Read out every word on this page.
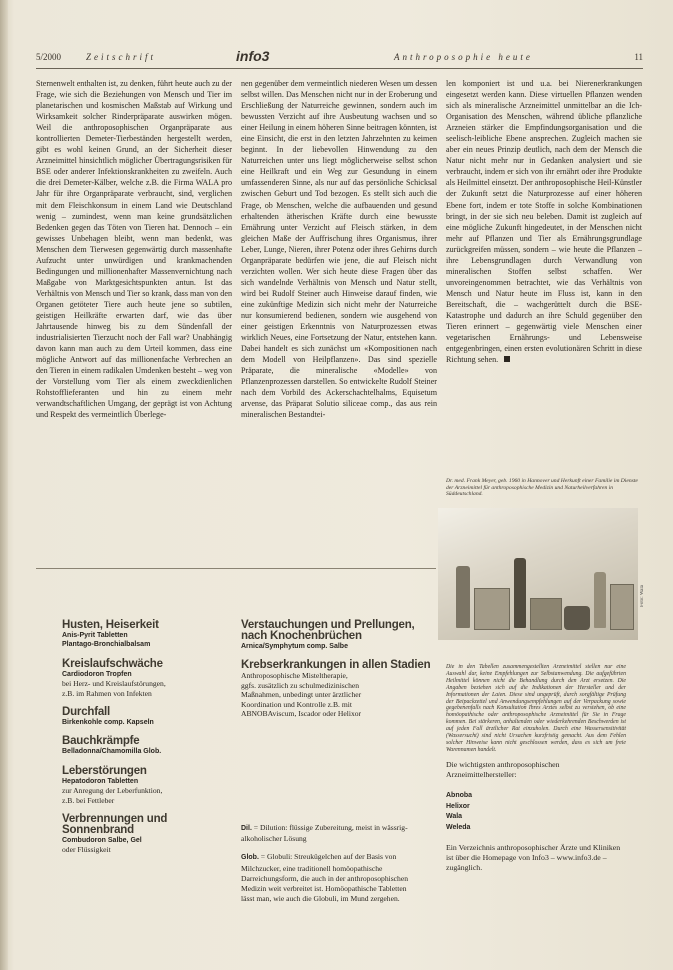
5/2000	Zeitschrift	info3	Anthroposophie heute	11
Sternenwelt enthalten ist, zu denken, führt heute auch zu der Frage, wie sich die Beziehungen von Mensch und Tier im planetarischen und kosmischen Maßstab auf Wirkung und Wirksamkeit solcher Rinderpräparate auswirken mögen. Weil die anthroposophischen Organpräparate aus kontrollierten Demeter-Tierbeständen hergestellt werden, gibt es wohl keinen Grund, an der Sicherheit dieser Arzneimittel hinsichtlich möglicher Übertragungsrisiken für BSE oder anderer Infektionskrankheiten zu zweifeln. Auch die drei Demeter-Kälber, welche z.B. die Firma WALA pro Jahr für ihre Organpräparate verbraucht, sind, verglichen mit dem Fleischkonsum in einem Land wie Deutschland wenig – zumindest, wenn man keine grundsätzlichen Bedenken gegen das Töten von Tieren hat. Dennoch – ein gewisses Unbehagen bleibt, wenn man bedenkt, was Menschen dem Tierwesen gegenwärtig durch massenhafte Aufzucht unter unwürdigen und krankmachenden Bedingungen und millionenhafter Massenvernichtung nach Maßgabe von Marktgesichtspunkten antun. Ist das Verhältnis von Mensch und Tier so krank, dass man von den Organen getöteter Tiere auch heute jene so subtilen, geistigen Heilkräfte erwarten darf, wie das über Jahrtausende hinweg bis zu dem Sündenfall der industrialisierten Tierzucht noch der Fall war? Unabhängig davon kann man auch zu dem Urteil kommen, dass eine mögliche Antwort auf das millionenfache Verbrechen an den Tieren in einem radikalen Umdenken besteht – weg von der Vorstellung vom Tier als einem zweckdienlichen Rohstofflieferanten und hin zu einem mehr verwandtschaftlichen Umgang, der geprägt ist von Achtung und Respekt des vermeintlich Überlege-
nen gegenüber dem vermeintlich niederen Wesen um dessen selbst willen. Das Menschen nicht nur in der Eroberung und Erschließung der Naturreiche gewinnen, sondern auch im bewussten Verzicht auf ihre Ausbeutung wachsen und so einer Heilung in einem höheren Sinne beitragen könnten, ist eine Einsicht, die erst in den letzten Jahrzehnten zu keimen beginnt. In der liebevollen Hinwendung zu den Naturreichen unter uns liegt möglicherweise selbst schon eine Heilkraft und ein Weg zur Gesundung in einem umfassenderen Sinne, als nur auf das persönliche Schicksal zwischen Geburt und Tod bezogen. Es stellt sich auch die Frage, ob Menschen, welche die aufbauenden und gesund erhaltenden ätherischen Kräfte durch eine bewusste Ernährung unter Verzicht auf Fleisch stärken, in dem gleichen Maße der Auffrischung ihres Organismus, ihrer Leber, Lunge, Nieren, ihrer Potenz oder ihres Gehirns durch Organpräparate bedürfen wie jene, die auf Fleisch nicht verzichten wollen. Wer sich heute diese Fragen über das sich wandelnde Verhältnis von Mensch und Natur stellt, wird bei Rudolf Steiner auch Hinweise darauf finden, wie eine zukünftige Medizin sich nicht mehr der Naturreiche nur konsumierend bedienen, sondern wie ausgehend von einer geistigen Erkenntnis von Naturprozessen etwas wirklich Neues, eine Fortsetzung der Natur, entstehen kann. Dabei handelt es sich zunächst um «Kompositionen nach dem Modell von Heilpflanzen». Das sind spezielle Präparate, die mineralische «Modelle» von Pflanzenprozessen darstellen. So entwickelte Rudolf Steiner nach dem Vorbild des Ackerschachtelhalms, Equisetum arvense, das Präparat Solutio siliceae comp., das aus rein mineralischen Bestandtei-
len komponiert ist und u.a. bei Nierenerkrankungen eingesetzt werden kann. Diese virtuellen Pflanzen wenden sich als mineralische Arzneimittel unmittelbar an die Ich-Organisation des Menschen, während übliche pflanzliche Arzneien stärker die Empfindungsorganisation und die seelisch-leibliche Ebene ansprechen. Zugleich machen sie aber ein neues Prinzip deutlich, nach dem der Mensch die Natur nicht mehr nur in Gedanken analysiert und sie verbraucht, indem er sich von ihr ernährt oder ihre Produkte als Heilmittel einsetzt. Der anthroposophische Heil-Künstler der Zukunft setzt die Naturprozesse auf einer höheren Ebene fort, indem er tote Stoffe in solche Kombinationen bringt, in der sie sich neu beleben. Damit ist zugleich auf eine mögliche Zukunft hingedeutet, in der Menschen nicht mehr auf Pflanzen und Tier als Ernährungsgrundlage zurückgreifen müssen, sondern – wie heute die Pflanzen – ihre Lebensgrundlagen durch Verwandlung von mineralischen Stoffen selbst schaffen. Wer unvoreingenommen betrachtet, wie das Verhältnis von Mensch und Natur heute im Fluss ist, kann in den Bereitschaft, die – wachgerüttelt durch die BSE-Katastrophe und dadurch an ihre Schuld gegenüber den Tieren erinnert – gegenwärtig viele Menschen einer vegetarischen Ernährungs- und Lebensweise entgegenbringen, einen ersten evolutionären Schritt in diese Richtung sehen.
Dr. med. Frank Meyer, geb. 1960 in Hannover und Herkunft einer Familie im Dienste der Arzneimittel für anthroposophische Medizin und Naturheilverfahren in Süddeutschland.
Foto: Wala
Husten, Heiserkeit
Anis-Pyrit Tabletten
Plantago-Bronchialbalsam
Kreislaufschwäche
Cardiodoron Tropfen
bei Herz- und Kreislaufstörungen,
z.B. im Rahmen von Infekten
Durchfall
Birkenkohle comp. Kapseln
Bauchkrämpfe
Belladonna/Chamomilla Glob.
Leberstörungen
Hepatodoron Tabletten
zur Anregung der Leberfunktion,
z.B. bei Fettleber
Verbrennungen und Sonnenbrand
Combudoron Salbe, Gel
oder Flüssigkeit
Verstauchungen und Prellungen, nach Knochenbrüchen
Arnica/Symphytum comp. Salbe
Krebserkrankungen in allen Stadien
Anthroposophische Misteltherapie,
ggfs. zusätzlich zu schulmedizinischen
Maßnahmen, unbedingt unter ärztlicher
Koordination und Kontrolle z.B. mit
ABNOBAviscum, Iscador oder Helixor
Dil. = Dilution: flüssige Zubereitung, meist in wässrig-alkoholischer Lösung
Glob. = Globuli: Streukügelchen auf der Basis von Milchzucker, eine traditionell homöopathische Darreichungsform, die auch in der anthroposophischen Medizin weit verbreitet ist. Homöopathische Tabletten lässt man, wie auch die Globuli, im Mund zergehen.
Die in den Tabellen zusammengestellten Arzneimittel stellen nur eine Auswahl dar, keine Empfehlungen zur Selbstanwendung. Die aufgeführten Heilmittel können nicht die Behandlung durch den Arzt ersetzen. Die Angaben beziehen sich auf die Indikationen der Hersteller und der Informationen der Laien. Diese sind ungeprüft, durch sorgfältige Prüfung der Beipackzettel und Anwendungsempfehlungen auf der Verpackung sowie gegebenenfalls nach Konsultation Ihres Arztes selbst zu verstehen, ob eine homöopathische oder anthroposophische Arzneimittel für Sie in Frage kommen. Bei stärkeren, anhaltenden oder wiederkehrenden Beschwerden ist auf jeden Fall ärztlicher Rat einzuholen. Durch eine Wassersensitivität (Wassersucht) sind nicht Ursachen kurzfristig gemacht. Aus dem Fehlen solcher Hinweise kann nicht geschlossen werden, dass es sich um freie Warennamen handelt.
Die wichtigsten anthroposophischen Arzneimittelhersteller:
Abnoba
Helixor
Wala
Weleda
Ein Verzeichnis anthroposophischer Ärzte und Kliniken ist über die Homepage von Info3 – www.info3.de – zugänglich.
